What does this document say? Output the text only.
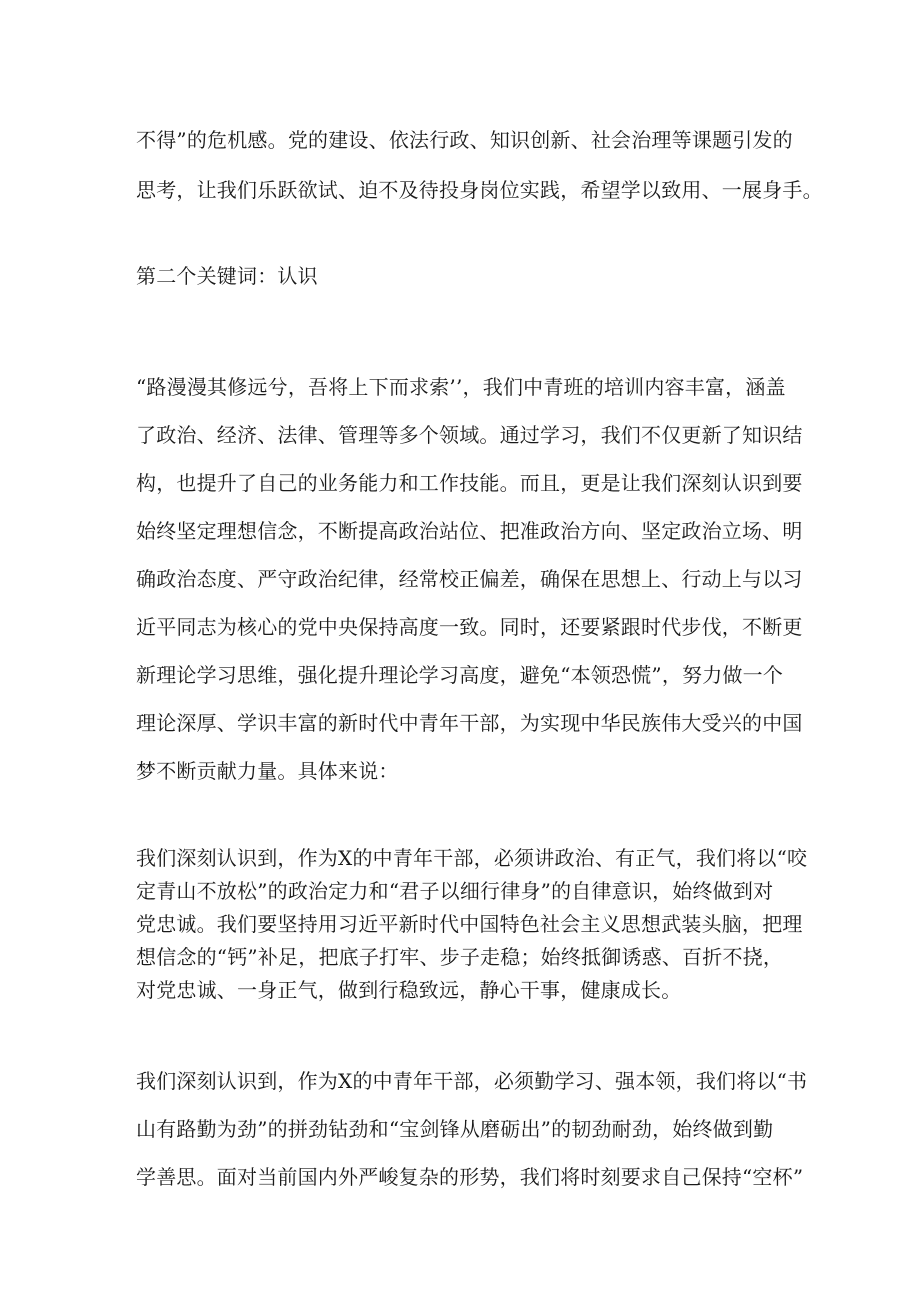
不得”的危机感。党的建设、依法行政、知识创新、社会治理等课题引发的
思考，让我们乐跃欲试、迫不及待投身岗位实践，希望学以致用、一展身手。

第二个关键词：认识

“路漫漫其修远兮，吾将上下而求索’’，我们中青班的培训内容丰富，涵盖
了政治、经济、法律、管理等多个领域。通过学习，我们不仅更新了知识结
构，也提升了自己的业务能力和工作技能。而且，更是让我们深刻认识到要
始终坚定理想信念，不断提高政治站位、把准政治方向、坚定政治立场、明
确政治态度、严守政治纪律，经常校正偏差，确保在思想上、行动上与以习
近平同志为核心的党中央保持高度一致。同时，还要紧跟时代步伐，不断更
新理论学习思维，强化提升理论学习高度，避免“本领恐慌”，努力做一个
理论深厚、学识丰富的新时代中青年干部，为实现中华民族伟大受兴的中国
梦不断贡献力量。具体来说：

我们深刻认识到，作为X的中青年干部，必须讲政治、有正气，我们将以“咬
定青山不放松”的政治定力和“君子以细行律身”的自律意识，始终做到对
党忠诚。我们要坚持用习近平新时代中国特色社会主义思想武装头脑，把理
想信念的“钙”补足，把底子打牢、步子走稳；始终抵御诱惑、百折不挠，
对党忠诚、一身正气，做到行稳致远，静心干事，健康成长。

我们深刻认识到，作为X的中青年干部，必须勤学习、强本领，我们将以“书
山有路勤为劲”的拼劲钻劲和“宝剑锋从磨砺出”的韧劲耐劲，始终做到勤
学善思。面对当前国内外严峻复杂的形势，我们将时刻要求自己保持“空杯”
